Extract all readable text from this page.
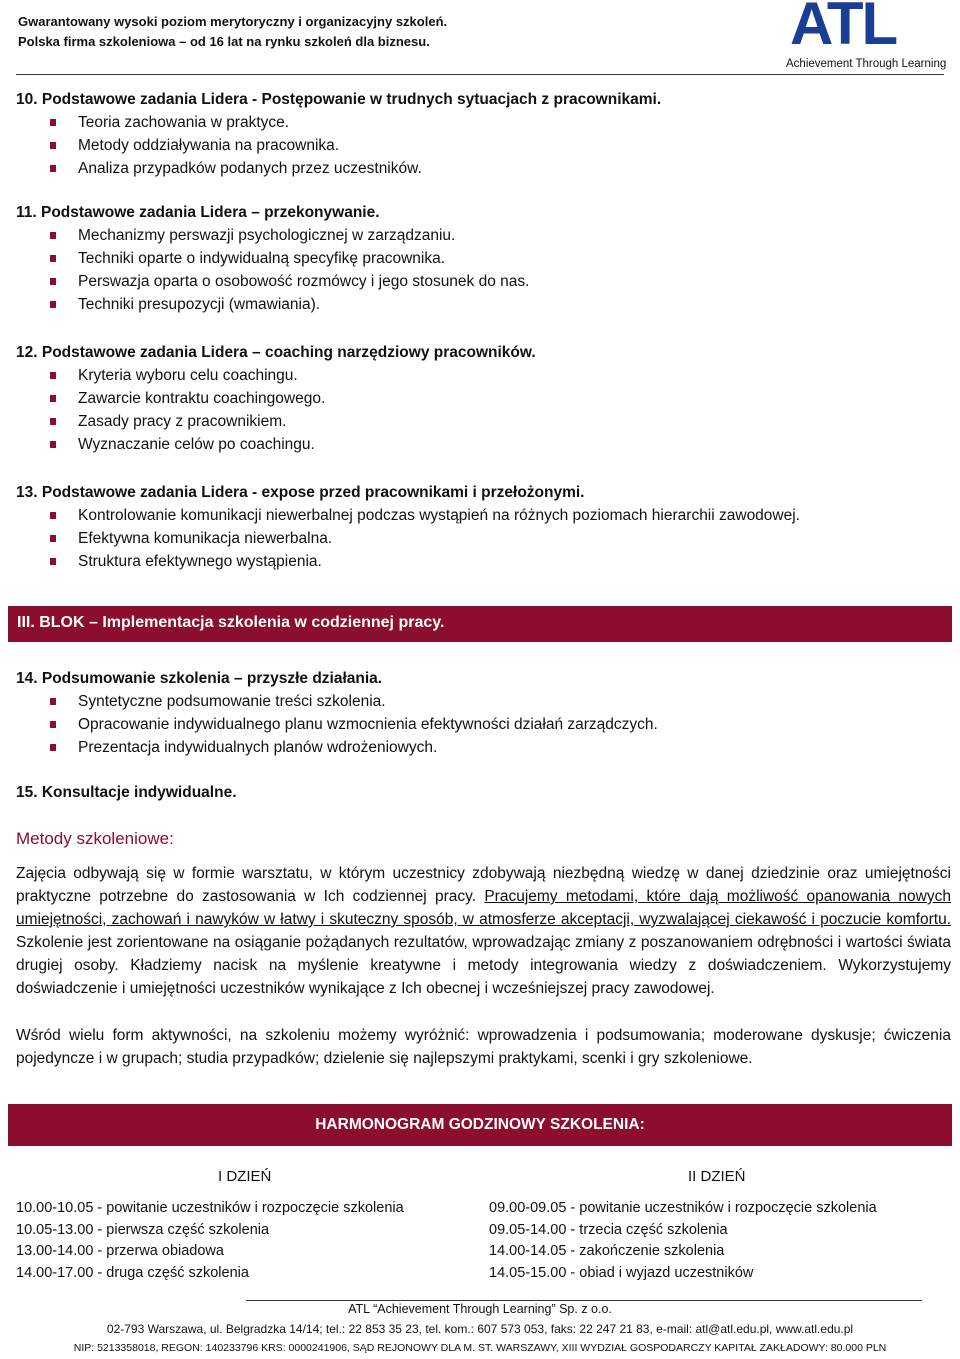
Gwarantowany wysoki poziom merytoryczny i organizacyjny szkoleń.
Polska firma szkoleniowa – od 16 lat na rynku szkoleń dla biznesu.	ATL
Achievement Through Learning
10. Podstawowe zadania Lidera - Postępowanie w trudnych sytuacjach z pracownikami.
Teoria zachowania w praktyce.
Metody oddziaływania na pracownika.
Analiza przypadków podanych przez uczestników.
11. Podstawowe zadania Lidera – przekonywanie.
Mechanizmy perswazji psychologicznej w zarządzaniu.
Techniki oparte o indywidualną specyfikę pracownika.
Perswazja oparta o osobowość rozmówcy i jego stosunek do nas.
Techniki presupozycji (wmawiania).
12. Podstawowe zadania Lidera – coaching narzędziowy pracowników.
Kryteria wyboru celu coachingu.
Zawarcie kontraktu coachingowego.
Zasady pracy z pracownikiem.
Wyznaczanie celów po coachingu.
13. Podstawowe zadania Lidera - expose przed pracownikami i przełożonymi.
Kontrolowanie komunikacji niewerbalnej podczas wystąpień na różnych poziomach hierarchii zawodowej.
Efektywna komunikacja niewerbalna.
Struktura efektywnego wystąpienia.
III. BLOK – Implementacja szkolenia w codziennej pracy.
14. Podsumowanie szkolenia – przyszłe działania.
Syntetyczne podsumowanie treści szkolenia.
Opracowanie indywidualnego planu wzmocnienia efektywności działań zarządczych.
Prezentacja indywidualnych planów wdrożeniowych.
15. Konsultacje indywidualne.
Metody szkoleniowe:
Zajęcia odbywają się w formie warsztatu, w którym uczestnicy zdobywają niezbędną wiedzę w danej dziedzinie oraz umiejętności praktyczne potrzebne do zastosowania w Ich codziennej pracy. Pracujemy metodami, które dają możliwość opanowania nowych umiejętności, zachowań i nawyków w łatwy i skuteczny sposób, w atmosferze akceptacji, wyzwalającej ciekawość i poczucie komfortu. Szkolenie jest zorientowane na osiąganie pożądanych rezultatów, wprowadzając zmiany z poszanowaniem odrębności i wartości świata drugiej osoby. Kładziemy nacisk na myślenie kreatywne i metody integrowania wiedzy z doświadczeniem. Wykorzystujemy doświadczenie i umiejętności uczestników wynikające z Ich obecnej i wcześniejszej pracy zawodowej.
Wśród wielu form aktywności, na szkoleniu możemy wyróżnić: wprowadzenia i podsumowania; moderowane dyskusje; ćwiczenia pojedyncze i w grupach; studia przypadków; dzielenie się najlepszymi praktykami, scenki i gry szkoleniowe.
HARMONOGRAM GODZINOWY SZKOLENIA:
I DZIEŃ	II DZIEŃ
10.00-10.05 - powitanie uczestników i rozpoczęcie szkolenia
10.05-13.00 - pierwsza część szkolenia
13.00-14.00 - przerwa obiadowa
14.00-17.00 - druga część szkolenia
09.00-09.05 - powitanie uczestników i rozpoczęcie szkolenia
09.05-14.00 - trzecia część szkolenia
14.00-14.05 - zakończenie szkolenia
14.05-15.00 - obiad i wyjazd uczestników
ATL “Achievement Through Learning” Sp. z o.o.
02-793 Warszawa, ul. Belgradzka 14/14; tel.: 22 853 35 23, tel. kom.: 607 573 053, faks: 22 247 21 83, e-mail: atl@atl.edu.pl, www.atl.edu.pl
NIP: 5213358018, REGON: 140233796 KRS: 0000241906, SĄD REJONOWY DLA M. ST. WARSZAWY, XIII WYDZIAŁ GOSPODARCZY KAPITAŁ ZAKŁADOWY: 80.000 PLN
